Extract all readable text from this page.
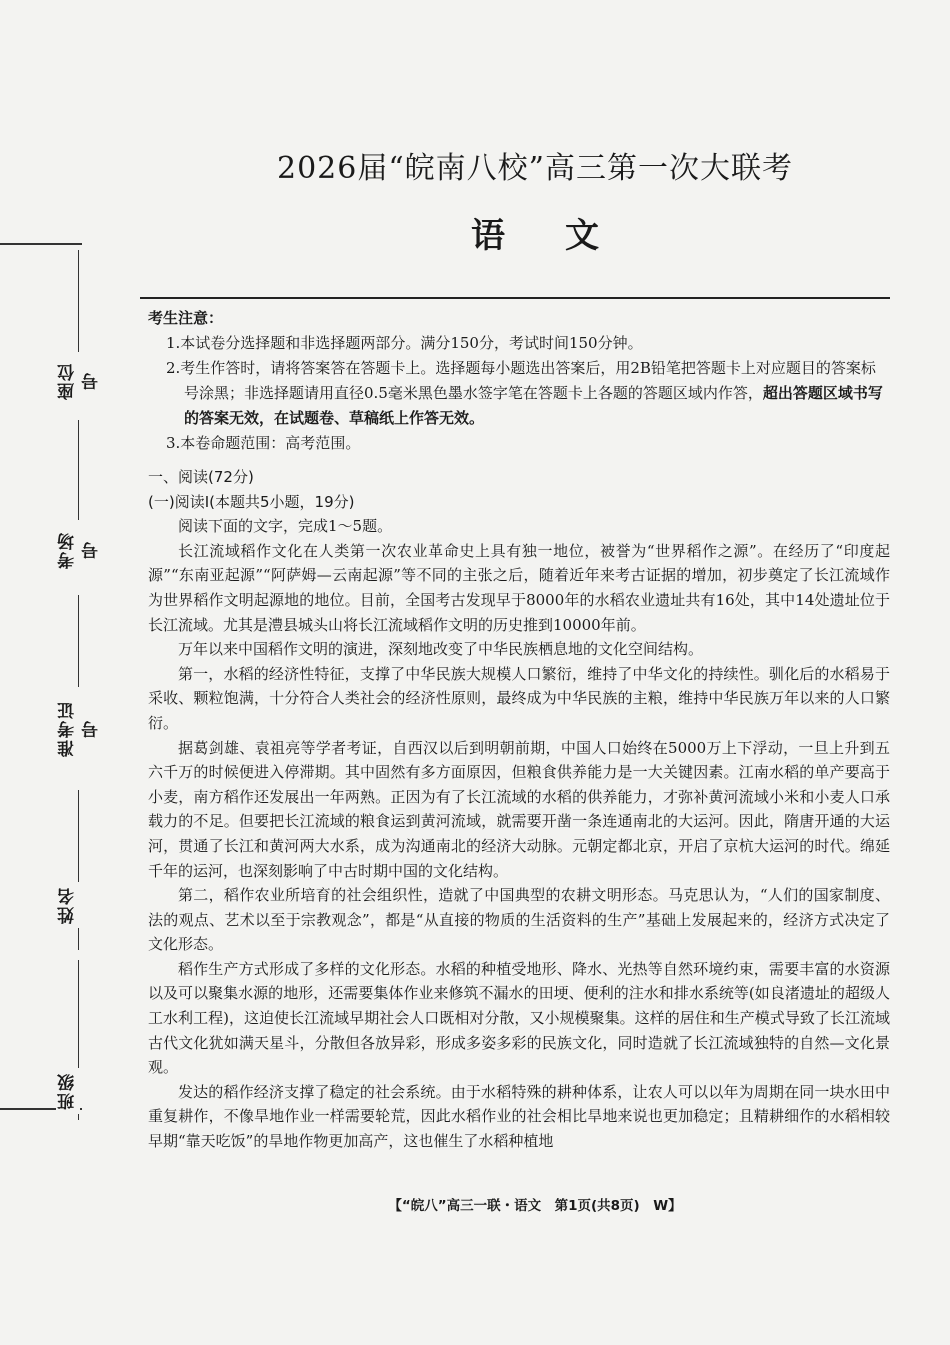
座位号
考场号
准考证号
姓名
班级
2026届“皖南八校”高三第一次大联考
语文
考生注意：
1.本试卷分选择题和非选择题两部分。满分150分，考试时间150分钟。
2.考生作答时，请将答案答在答题卡上。选择题每小题选出答案后，用2B铅笔把答题卡上对应题目的答案标号涂黑；非选择题请用直径0.5毫米黑色墨水签字笔在答题卡上各题的答题区域内作答，超出答题区域书写的答案无效，在试题卷、草稿纸上作答无效。
3.本卷命题范围：高考范围。
一、阅读(72分)
(一)阅读Ⅰ(本题共5小题，19分)

阅读下面的文字，完成1～5题。

长江流域稻作文化在人类第一次农业革命史上具有独一地位，被誉为“世界稻作之源”。在经历了“印度起源”“东南亚起源”“阿萨姆—云南起源”等不同的主张之后，随着近年来考古证据的增加，初步奠定了长江流域作为世界稻作文明起源地的地位。目前，全国考古发现早于8000年的水稻农业遗址共有16处，其中14处遗址位于长江流域。尤其是澧县城头山将长江流域稻作文明的历史推到10000年前。

万年以来中国稻作文明的演进，深刻地改变了中华民族栖息地的文化空间结构。

第一，水稻的经济性特征，支撑了中华民族大规模人口繁衍，维持了中华文化的持续性。驯化后的水稻易于采收、颗粒饱满，十分符合人类社会的经济性原则，最终成为中华民族的主粮，维持中华民族万年以来的人口繁衍。

据葛剑雄、袁祖亮等学者考证，自西汉以后到明朝前期，中国人口始终在5000万上下浮动，一旦上升到五六千万的时候便进入停滞期。其中固然有多方面原因，但粮食供养能力是一大关键因素。江南水稻的单产要高于小麦，南方稻作还发展出一年两熟。正因为有了长江流域的水稻的供养能力，才弥补黄河流域小米和小麦人口承载力的不足。但要把长江流域的粮食运到黄河流域，就需要开凿一条连通南北的大运河。因此，隋唐开通的大运河，贯通了长江和黄河两大水系，成为沟通南北的经济大动脉。元朝定都北京，开启了京杭大运河的时代。绵延千年的运河，也深刻影响了中古时期中国的文化结构。

第二，稻作农业所培育的社会组织性，造就了中国典型的农耕文明形态。马克思认为，“人们的国家制度、法的观点、艺术以至于宗教观念”，都是“从直接的物质的生活资料的生产”基础上发展起来的，经济方式决定了文化形态。

稻作生产方式形成了多样的文化形态。水稻的种植受地形、降水、光热等自然环境约束，需要丰富的水资源以及可以聚集水源的地形，还需要集体作业来修筑不漏水的田埂、便利的注水和排水系统等(如良渚遗址的超级人工水利工程)，这迫使长江流域早期社会人口既相对分散，又小规模聚集。这样的居住和生产模式导致了长江流域古代文化犹如满天星斗，分散但各放异彩，形成多姿多彩的民族文化，同时造就了长江流域独特的自然—文化景观。

发达的稻作经济支撑了稳定的社会系统。由于水稻特殊的耕种体系，让农人可以以年为周期在同一块水田中重复耕作，不像旱地作业一样需要轮荒，因此水稻作业的社会相比旱地来说也更加稳定；且精耕细作的水稻相较早期“靠天吃饭”的旱地作物更加高产，这也催生了水稻种植地

【“皖八”高三一联・语文　第1页(共8页)　W】
